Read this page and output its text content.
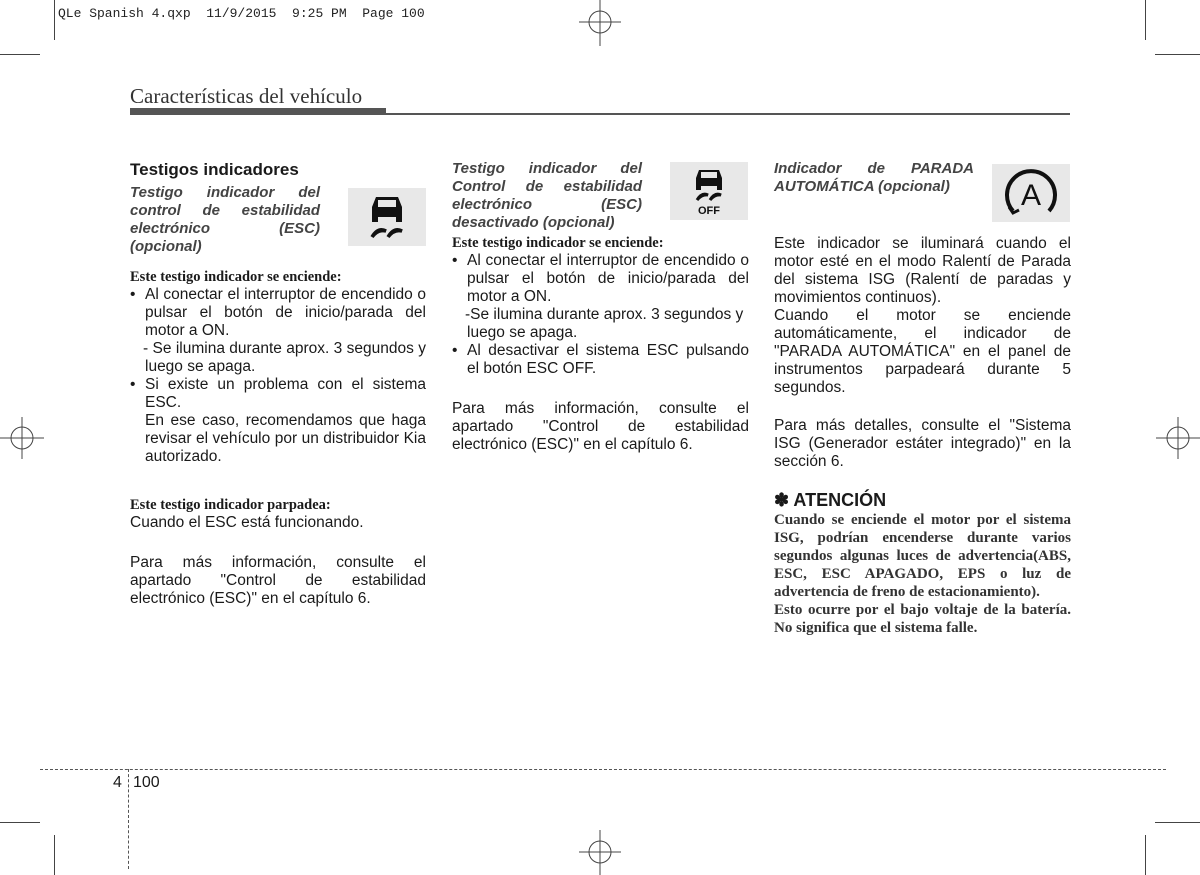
QLe Spanish 4.qxp  11/9/2015  9:25 PM  Page 100
Características del vehículo
Testigos indicadores

Testigo indicador del control de estabilidad electrónico (ESC) (opcional)

Este testigo indicador se enciende:

• Al conectar el interruptor de encendido o pulsar el botón de inicio/parada del motor a ON.

- Se ilumina durante aprox. 3 segundos y luego se apaga.

• Si existe un problema con el sistema ESC.

En ese caso, recomendamos que haga revisar el vehículo por un distribuidor Kia autorizado.

Este testigo indicador parpadea:

Cuando el ESC está funcionando.

Para más información, consulte el apartado "Control de estabilidad electrónico (ESC)" en el capítulo 6.

Testigo indicador del Control de estabilidad electrónico (ESC) desactivado (opcional)

OFF

Este testigo indicador se enciende:

• Al conectar el interruptor de encendido o pulsar el botón de inicio/parada del motor a ON.

-Se ilumina durante aprox. 3 segundos y luego se apaga.

• Al desactivar el sistema ESC pulsando el botón ESC OFF.

Para más información, consulte el apartado "Control de estabilidad electrónico (ESC)" en el capítulo 6.

Indicador de PARADA AUTOMÁTICA (opcional)	A

Este indicador se iluminará cuando el motor esté en el modo Ralentí de Parada del sistema ISG (Ralentí de paradas y movimientos continuos).

Cuando el motor se enciende automáticamente, el indicador de "PARADA AUTOMÁTICA" en el panel de instrumentos parpadeará durante 5 segundos.

Para más detalles, consulte el "Sistema ISG (Generador estáter integrado)" en la sección 6.

✽ ATENCIÓN

Cuando se enciende el motor por el sistema ISG, podrían encenderse durante varios segundos algunas luces de advertencia(ABS, ESC, ESC APAGADO, EPS o luz de advertencia de freno de estacionamiento).

Esto ocurre por el bajo voltaje de la batería. No significa que el sistema falle.

4 100
